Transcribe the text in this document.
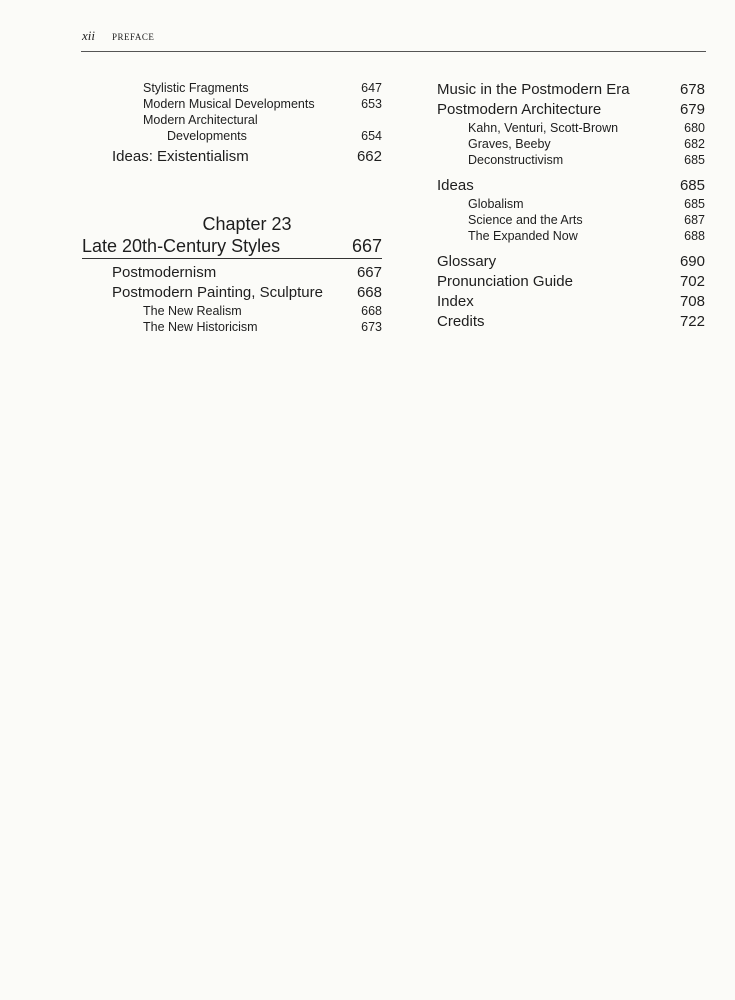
xii PREFACE
Stylistic Fragments	647
Modern Musical Developments	653
Modern Architectural
Developments	654
Ideas: Existentialism	662
Chapter 23
Late 20th-Century Styles	667
Postmodernism	667
Postmodern Painting, Sculpture 668
The New Realism	668
The New Historicism	673
Music in the Postmodern Era	678
Postmodern Architecture	679
Kahn, Venturi, Scott-Brown	680
Graves, Beeby	682
Deconstructivism	685
Ideas	685
Globalism	685
Science and the Arts	687
The Expanded Now	688
Glossary	690
Pronunciation Guide	702
Index	708
Credits	722
